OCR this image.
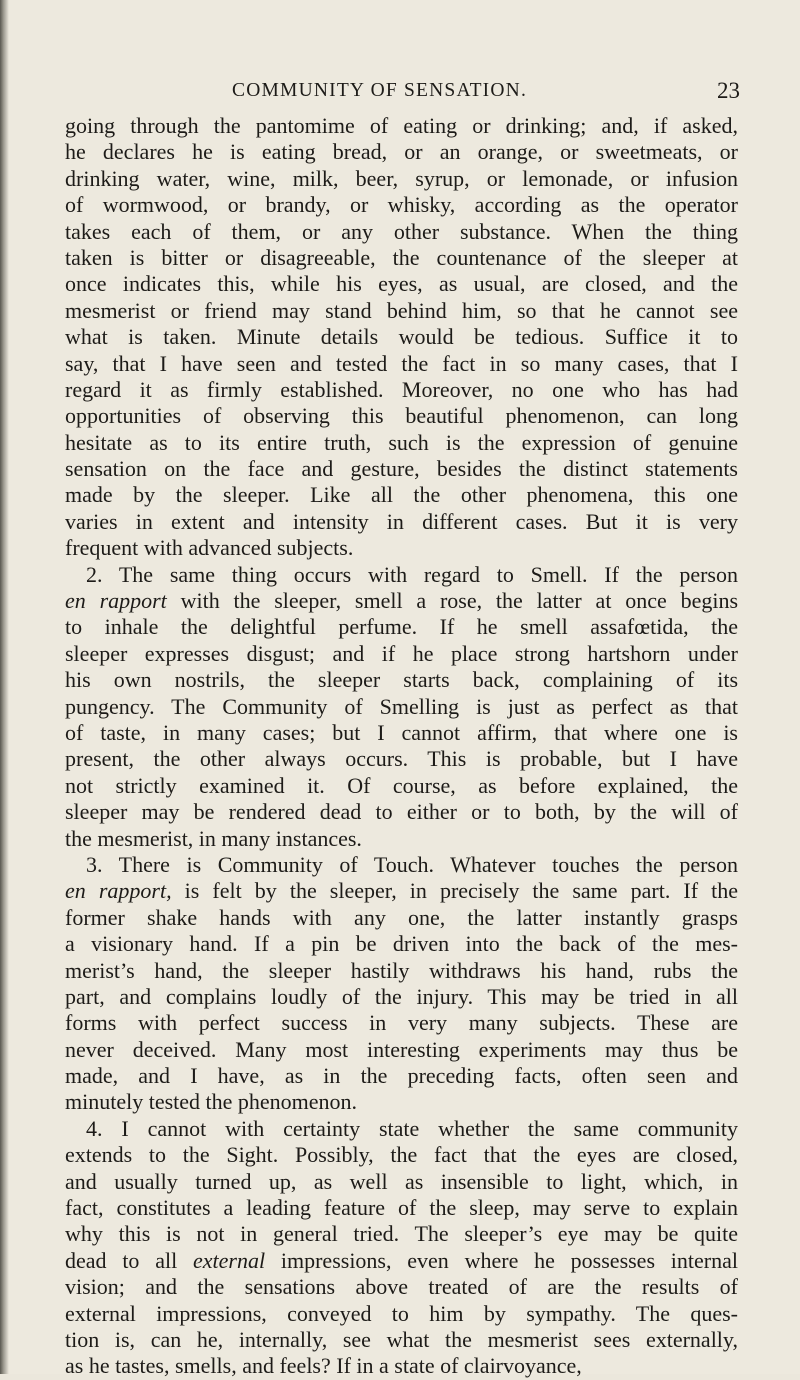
COMMUNITY OF SENSATION.	23
going through the pantomime of eating or drinking; and, if asked,
he declares he is eating bread, or an orange, or sweetmeats, or
drinking water, wine, milk, beer, syrup, or lemonade, or infusion
of wormwood, or brandy, or whisky, according as the operator
takes each of them, or any other substance. When the thing
taken is bitter or disagreeable, the countenance of the sleeper at
once indicates this, while his eyes, as usual, are closed, and the
mesmerist or friend may stand behind him, so that he cannot see
what is taken. Minute details would be tedious. Suffice it to
say, that I have seen and tested the fact in so many cases, that I
regard it as firmly established. Moreover, no one who has had
opportunities of observing this beautiful phenomenon, can long
hesitate as to its entire truth, such is the expression of genuine
sensation on the face and gesture, besides the distinct statements
made by the sleeper. Like all the other phenomena, this one
varies in extent and intensity in different cases. But it is very
frequent with advanced subjects.
2. The same thing occurs with regard to Smell. If the person
en rapport with the sleeper, smell a rose, the latter at once begins
to inhale the delightful perfume. If he smell assafœtida, the
sleeper expresses disgust; and if he place strong hartshorn under
his own nostrils, the sleeper starts back, complaining of its
pungency. The Community of Smelling is just as perfect as that
of taste, in many cases; but I cannot affirm, that where one is
present, the other always occurs. This is probable, but I have
not strictly examined it. Of course, as before explained, the
sleeper may be rendered dead to either or to both, by the will of
the mesmerist, in many instances.
3. There is Community of Touch. Whatever touches the person
en rapport, is felt by the sleeper, in precisely the same part. If the
former shake hands with any one, the latter instantly grasps
a visionary hand. If a pin be driven into the back of the mes-
merist’s hand, the sleeper hastily withdraws his hand, rubs the
part, and complains loudly of the injury. This may be tried in all
forms with perfect success in very many subjects. These are
never deceived. Many most interesting experiments may thus be
made, and I have, as in the preceding facts, often seen and
minutely tested the phenomenon.
4. I cannot with certainty state whether the same community
extends to the Sight. Possibly, the fact that the eyes are closed,
and usually turned up, as well as insensible to light, which, in
fact, constitutes a leading feature of the sleep, may serve to explain
why this is not in general tried. The sleeper’s eye may be quite
dead to all external impressions, even where he possesses internal
vision; and the sensations above treated of are the results of
external impressions, conveyed to him by sympathy. The ques-
tion is, can he, internally, see what the mesmerist sees externally,
as he tastes, smells, and feels? If in a state of clairvoyance,
